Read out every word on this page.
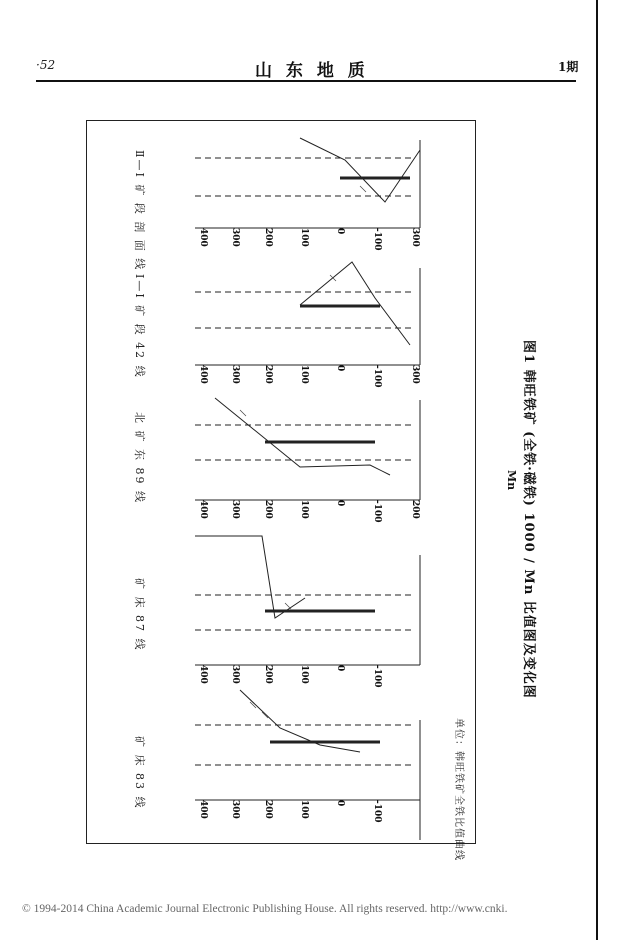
·52	山 东 地 质	1期
400 300	200	100	0	-100
400 300	200	100	0	-100
400 300	200	100	0	-100	200
400 300	200	100	0	-100	300
400 300	200	100	0	-100	300
矿 床 83 线
矿 床 87 线
北 矿 东 89 线
Ⅰ—Ⅰ 矿 段 42 线
Ⅱ—Ⅰ 矿 段 剖 面 线
单位：韩旺铁矿全铁比值曲线
图1 韩旺铁矿 (全铁·磁铁) 1000 / Mn 比值图及变化图
Mn
© 1994-2014 China Academic Journal Electronic Publishing House. All rights reserved. http://www.cnki.
